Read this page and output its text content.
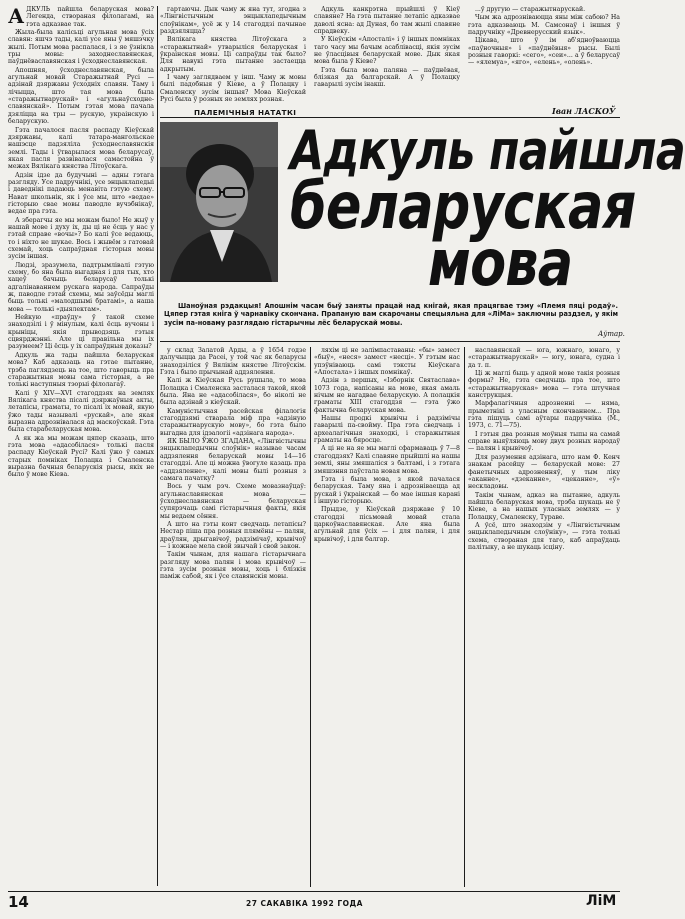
АДКУЛЬ пайшла беларуская мова? Легенда, створаная філолагамі, на гэта адказвае так.

Жыла-была калісьці агульная мова ўсіх славян: яшчэ тады, калі усе яны ў мяшэчку жылі. Потым мова распалася, і з яе ўзнікла тры мовы: заходнеславянская, паўднёваславянская і ўсходнеславянская.

Апошняя, ўсходнеславянская, была агульнай мовай Старажытнай Русі — адзінай дзяржавы ўсходніх славян. Таму і лічыцца, што тая мова была «старажытнарускай» і «агульнаўсходнеславянскай». Потым гэтая мова пачала дзяліцца на тры — рускую, украінскую і беларускую.

Гэта пачалося пасля распаду Кіеўскай дзяржавы, калі татара-мангольскае нашэсце падзяліла ўсходнеславянскія землі. Тады і ўтварылася мова беларусаў, якая пасля развівалася самастойна ў межах Вялікага княства Літоўскага.

Адзін ідзе да будучыні — адны гэтага разгляду. Усе падручнікі, усе энцыклапедыі і даведнікі падаюць менавіта гэтую схему. Нават школьнік, як і ўсе мы, што «ведае» гісторыю свае мовы паводле вучэбнікаў, ведае пра гэта.

А зберагчы яе мы можам было! Не жыў у нашай мове і духу іх, ды ці не ёсць у нас у гэтай справе «вочы»? Бо калі ўсе ведаюць, то і ніхто не шукае. Вось і жывём з гатовай схемай, хоць сапраўдная гісторыя мовы зусім іншая.

Людзі, зразумела, падтрымлівалі гэтую схему, бо яна была выгадная і для тых, хто хацеў бачыць беларусаў толькі адгалінаваннем рускага народа. Сапраўды ж, паводле гэтай схемы, мы заўсёды маглі быць толькі «малодшымі братамі», а наша мова — толькі «дыялектам».

Нейкую «праўду» ў такой схеме знаходзілі і ў мінулым, калі ёсць вучоны і крыніцы, якія прыводзяць гэтыя сцвярджэнні. Але ці правільна мы іх разумеем? Ці ёсць у іх сапраўдныя доказы?

Адкуль жа тады пайшла беларуская мова? Каб адказаць на гэтае пытанне, трэба паглядзець на тое, што гаворыць пра старажытныя мовы сама гісторыя, а не толькі наступныя тэорыі філолагаў.

Калі ў XIV—XVI стагоддзях на землях Вялікага княства пісалі дзяржаўныя акты, летапісы, граматы, то пісалі іх мовай, якую ўжо тады называлі «рускай», але якая выразна адрознівалася ад маскоўскай. Гэта была старабеларуская мова.

А як жа мы можам цяпер сказаць, што гэта мова «адасобілася» толькі пасля распаду Кіеўскай Русі? Калі ўжо ў самых старых помніках Полацка і Смаленска выразна бачныя беларускія рысы, якіх не было ў мове Кіева.

гартаючы. Дык чаму ж яна тут, згодна з «Лінгвістычным энцыклапедычным слоўнікам», усё ж у 14 стагоддзі пачынае раздзяляцца?

Вялікага княства Літоўскага з «старажытнай» утварыліся беларуская і ўкраінская мовы. Ці сапраўды так было? Для навукі гэта пытанне застаецца адкрытым.

І чаму заглядваем у інш. Чаму ж мовы былі падобныя ў Кіеве, а ў Полацку і Смаленску зусім іншыя? Мова Кіеўскай Русі была ў розных яе землях розная.

Адкуль канкрэтна прыйшлі ў Кіеў славяне? На гэта пытанне летапіс адказвае даволі ясна: ад Дуная, бо там жылі славяне спрадвеку.

У Кіеўскім «Апосталі» і ў іншых помніках таго часу мы бачым асаблівасці, якія зусім не ўласцівыя беларускай мове. Дык якая мова была ў Кіеве?

Гэта была мова паляна — паўднёвая, блізкая да балгарскай. А ў Полацку гаварылі зусім інакш.

...ў другую — старажытнарускай.

Чым жа адрозніваюцца яны між сабою? На гэта адказваюць М. Самсонаў і іншыя ў падручніку «Древнерусский язык».

Цікава, што ў ім аб'ядноўваюцца «паўночныя» і «паўднёвыя» рысы. Былі розныя гаворкі: «сего», «сеи»... а ў беларусаў — «ялемуа», «яго», «елень», «олень».

ПАЛЕМІЧНЫЯ НАТАТКІ	Іван ЛАСКОЎ
Адкуль пайшла
беларуская
мова
Шаноўная рэдакцыя! Апошнім часам быў заняты працай над кнігай, якая працягвае тэму «Племя пяці родаў». Цяпер гэтая кніга ў чарнавіку скончана. Прапаную вам скарочаны спецыяльна для «ЛіМа» заключны раздзел, у якім зусім па-новаму разглядаю гістарычны лёс беларускай мовы.
Аўтар.

у склад Залатой Арды, а ў 1654 годзе далучыцца да Расеі, у той час як беларусы знаходзіліся ў Вялікім княстве Літоўскім. Гэта і было прычынай аддзялення.

Калі ж Кіеўская Русь рушыла, то мова Полацка і Смаленска засталася такой, якой была. Яна не «адасобілася», бо ніколі не была адзінай з кіеўскай.

Камуністычная расейская філалогія стагоддзямі стварала міф пра «адзіную старажытнарускую мову», бо гэта было выгадна для ідэалогіі «адзінага народа».

ЯК БЫЛО ЎЖО ЗГАДАНА, «Лінгвістычны энцыклапедычны слоўнік» называе часам аддзялення беларускай мовы 14—16 стагоддзі. Але ці можна ўвогуле казаць пра «аддзяленне», калі мовы былі розныя з самага пачатку?

Вось у чым рэч. Схеме мовазнаўцаў: агульнаславянская мова — ўсходнеславянская — беларуская супярэчаць самі гістарычныя факты, якія мы ведаем сёння.

А што на гэты конт сведчаць летапісы? Нестар піша пра розныя плямёны — палян, драўлян, дрыгавічоў, радзімічаў, крывічоў — і кожнае мела свой звычай і свой закон.

Такім чынам, для нашага гістарычнага разгляду мова палян і мова крывічоў — гэта зусім розныя мовы, хоць і блізкія паміж сабой, як і ўсе славянскія мовы.

ляхім ці не залімпаставаны: «бы» замест «быў», «неся» замест «несці». У гэтым нас упэўніваюць самі тэксты Кіеўскага «Апостала» і іншых помнікаў.

Адзін з першых, «Ізборнік Святаслава» 1073 года, напісаны на мове, якая амаль нічым не нагадвае беларускую. А полацкія граматы XIII стагоддзя — гэта ўжо фактычна беларуская мова.

Нашы продкі крывічы і радзімічы гаварылі па-свойму. Пра гэта сведчаць і археалагічныя знаходкі, і старажытныя граматы на бяросце.

А ці не на яе мы маглі сфармаваць ў 7—8 стагоддзях? Калі славяне прыйшлі на нашы землі, яны змяшаліся з балтамі, і з гэтага змяшэння паўстала новая мова.

Гэта і была мова, з якой пачалася беларуская. Таму яна і адрозніваецца ад рускай і ўкраінскай — бо мае іншыя карані і іншую гісторыю.

Прыдзе, у Кіеўскай дзяржаве ў 10 стагоддзі пісьмовай мовай стала царкоўнаславянская. Але яна была агульнай для ўсіх — і для палян, і для крывічоў, і для балгар.

наславянскай — юга, южнаго, юнаго, у «старажытнарускай» — югу, юнага, судна і да т. п.

Ці ж маглі быць у адной мове такія розныя формы? Не, гэта сведчыць пра тое, што «старажытнаруская» мова — гэта штучная канструкцыя.

Марфалагічныя адрозненні — няма, прыметнікі з уласным скончваннем... Пра гэта пішуць самі аўтары падручніка (М., 1973, с. 71—75).

І гэтыя два розныя моўныя тыпы на самай справе выяўляюць мову двух розных народаў — палян і крывічоў.

Для разумення адзінага, што нам Ф. Кенч знакам расейцу — беларускай мове: 27 фанетычных адрозненняў, у тым ліку «аканне», «дзеканне», «цеканне», «ў» нескладовы.

Такім чынам, адказ на пытанне, адкуль пайшла беларуская мова, трэба шукаць не ў Кіеве, а на нашых уласных землях — у Полацку, Смаленску, Тураве.

А ўсё, што знаходзім у «Лінгвістычным энцыклапедычным слоўніку», — гэта толькі схема, створаная для таго, каб апраўдаць палітыку, а не шукаць ісціну.

14	27 САКАВІКА 1992 ГОДА	ЛіМ
